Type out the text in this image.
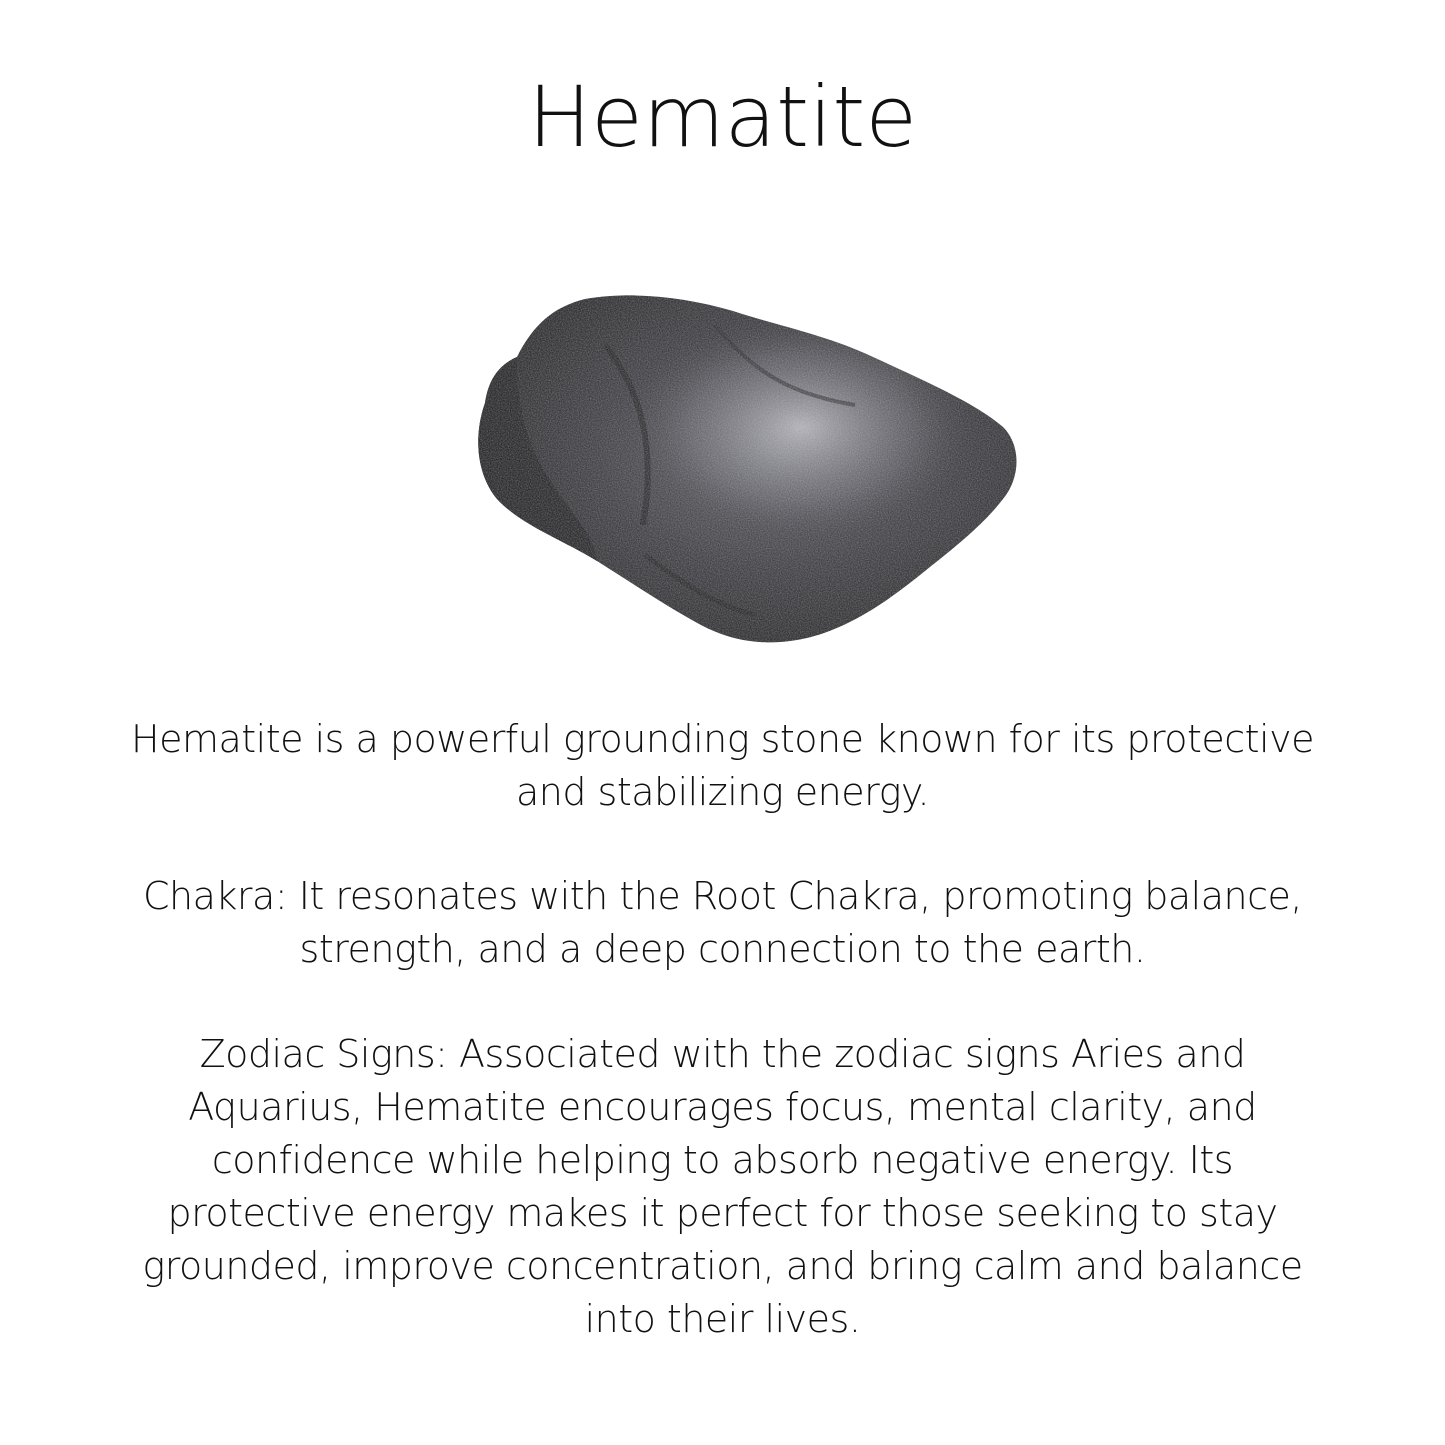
Hematite

Hematite is a powerful grounding stone known for its protective and stabilizing energy.

Chakra: It resonates with the Root Chakra, promoting balance, strength, and a deep connection to the earth.

Zodiac Signs: Associated with the zodiac signs Aries and Aquarius, Hematite encourages focus, mental clarity, and confidence while helping to absorb negative energy. Its protective energy makes it perfect for those seeking to stay grounded, improve concentration, and bring calm and balance into their lives.
